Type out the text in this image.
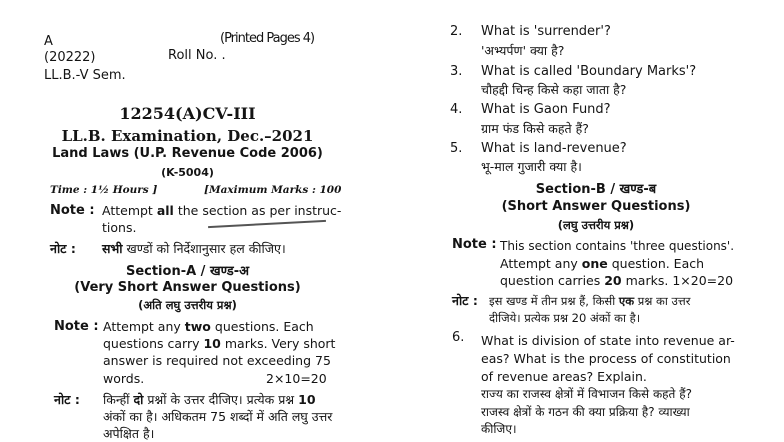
A	(Printed Pages 4)
(20222)	Roll No. .
LL.B.-V Sem.
12254(A)CV-III
LL.B. Examination, Dec.–2021
Land Laws (U.P. Revenue Code 2006)
(K-5004)
Time : 1½ Hours ]	[Maximum Marks : 100
Note : Attempt all the section as per instruc-
tions.
नोट : सभी खण्डों को निर्देशानुसार हल कीजिए।
Section-A / खण्ड-अ
(Very Short Answer Questions)
(अति लघु उत्तरीय प्रश्न)
Note : Attempt any two questions. Each
questions carry 10 marks. Very short
answer is required not exceeding 75
words.	2×10=20
नोट : किन्हीं दो प्रश्नों के उत्तर दीजिए। प्रत्येक प्रश्न 10
अंकों का है। अधिकतम 75 शब्दों में अति लघु उत्तर
अपेक्षित है।
2. What is 'surrender'?
'अभ्यर्पण' क्या है?
3. What is called 'Boundary Marks'?
चौहद्दी चिन्ह किसे कहा जाता है?
4. What is Gaon Fund?
ग्राम फंड किसे कहते हैं?
5. What is land-revenue?
भू-माल गुजारी क्या है।
Section-B / खण्ड-ब
(Short Answer Questions)
(लघु उत्तरीय प्रश्न)
Note : This section contains 'three questions'.
Attempt any one question. Each
question carries 20 marks. 1×20=20
नोट : इस खण्ड में तीन प्रश्न हैं, किसी एक प्रश्न का उत्तर
दीजिये। प्रत्येक प्रश्न 20 अंकों का है।
6. What is division of state into revenue ar-
eas? What is the process of constitution
of revenue areas? Explain.
राज्य का राजस्व क्षेत्रों में विभाजन किसे कहते हैं?
राजस्व क्षेत्रों के गठन की क्या प्रक्रिया है? व्याख्या
कीजिए।
